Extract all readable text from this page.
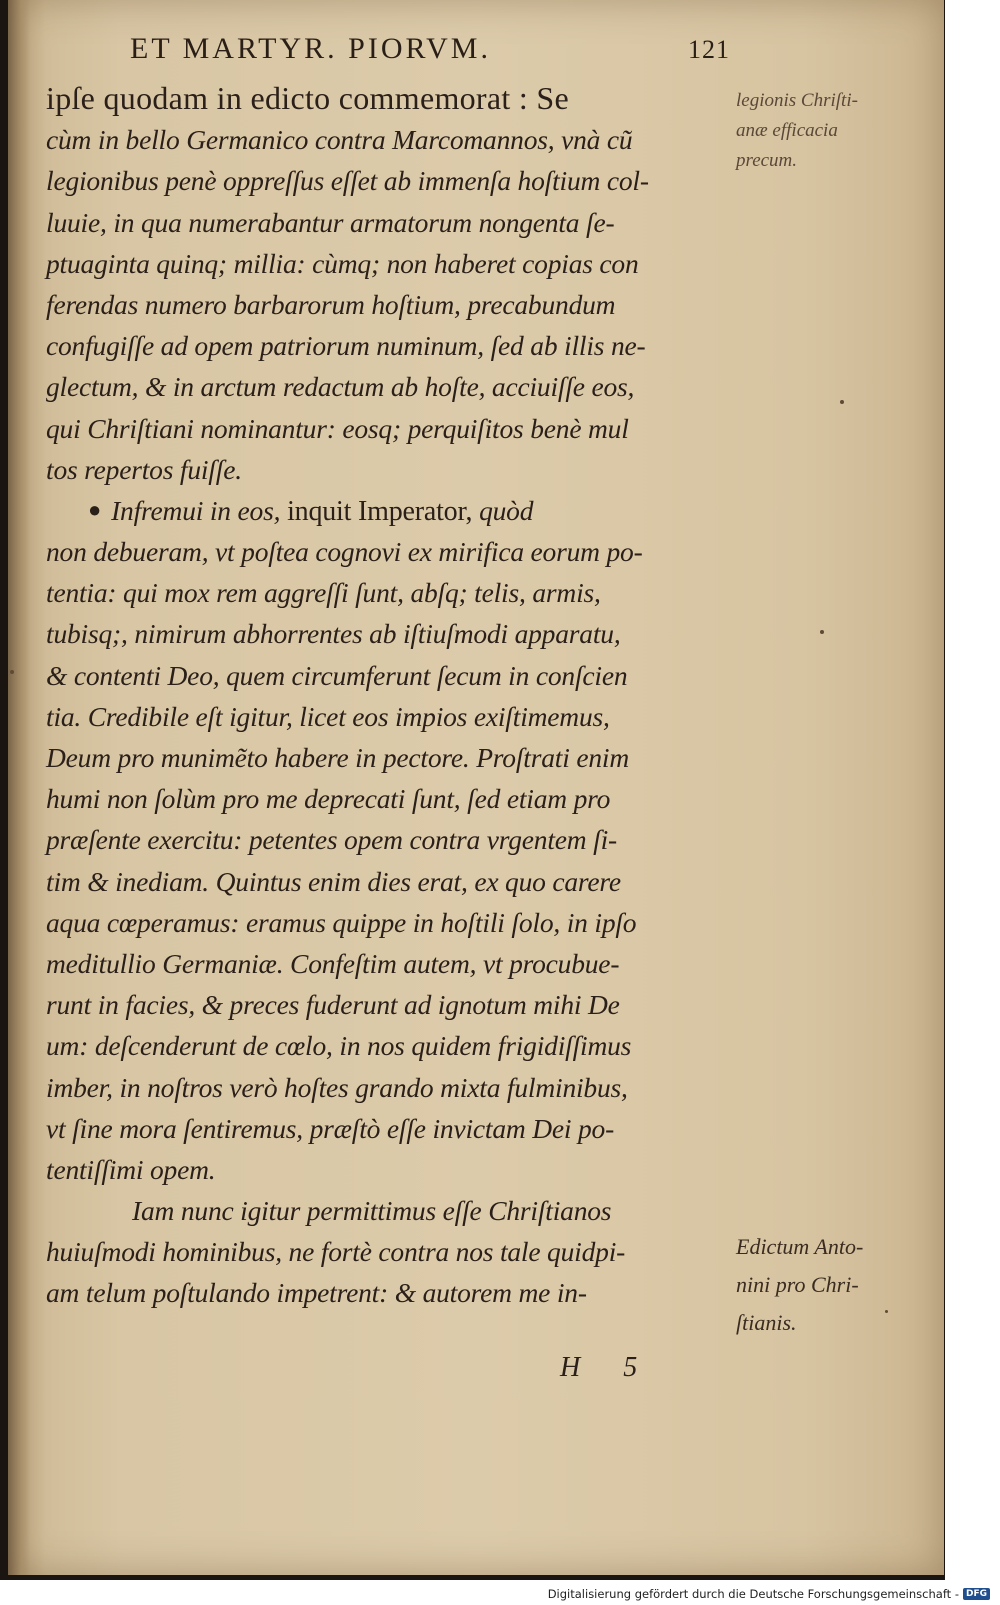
ET MARTYR. PIORVM.	121
ipſe quodam in edicto commemorat : Se
cùm in bello Germanico contra Marcomannos, vnà cũ
legionibus penè oppreſſus eſſet ab immenſa hoſtium col-
luuie, in qua numerabantur armatorum nongenta ſe-
ptuaginta quinq; millia: cùmq; non haberet copias con
ferendas numero barbarorum hoſtium, precabundum
confugiſſe ad opem patriorum numinum, ſed ab illis ne-
glectum, & in arctum redactum ab hoſte, acciuiſſe eos,
qui Chriſtiani nominantur: eosq; perquiſitos benè mul
tos repertos fuiſſe.
● Infremui in eos, inquit Imperator, quòd
non debueram, vt poſtea cognovi ex mirifica eorum po-
tentia: qui mox rem aggreſſi ſunt, abſq; telis, armis,
tubisq;, nimirum abhorrentes ab iſtiuſmodi apparatu,
& contenti Deo, quem circumferunt ſecum in conſcien
tia. Credibile eſt igitur, licet eos impios exiſtimemus,
Deum pro munimẽto habere in pectore. Proſtrati enim
humi non ſolùm pro me deprecati ſunt, ſed etiam pro
præſente exercitu: petentes opem contra vrgentem ſi-
tim & inediam. Quintus enim dies erat, ex quo carere
aqua cœperamus: eramus quippe in hoſtili ſolo, in ipſo
meditullio Germaniæ. Confeſtim autem, vt procubue-
runt in facies, & preces fuderunt ad ignotum mihi De
um: deſcenderunt de cœlo, in nos quidem frigidiſſimus
imber, in noſtros verò hoſtes grando mixta fulminibus,
vt ſine mora ſentiremus, præſtò eſſe invictam Dei po-
tentiſſimi opem.
Iam nunc igitur permittimus eſſe Chriſtianos
huiuſmodi hominibus, ne fortè contra nos tale quidpi-
am telum poſtulando impetrent: & autorem me in-
legionis Chriſti-
anæ efficacia
precum.
Edictum Anto-
nini pro Chri-
ſtianis.
H 5
Digitalisierung gefördert durch die Deutsche Forschungsgemeinschaft - DFG
